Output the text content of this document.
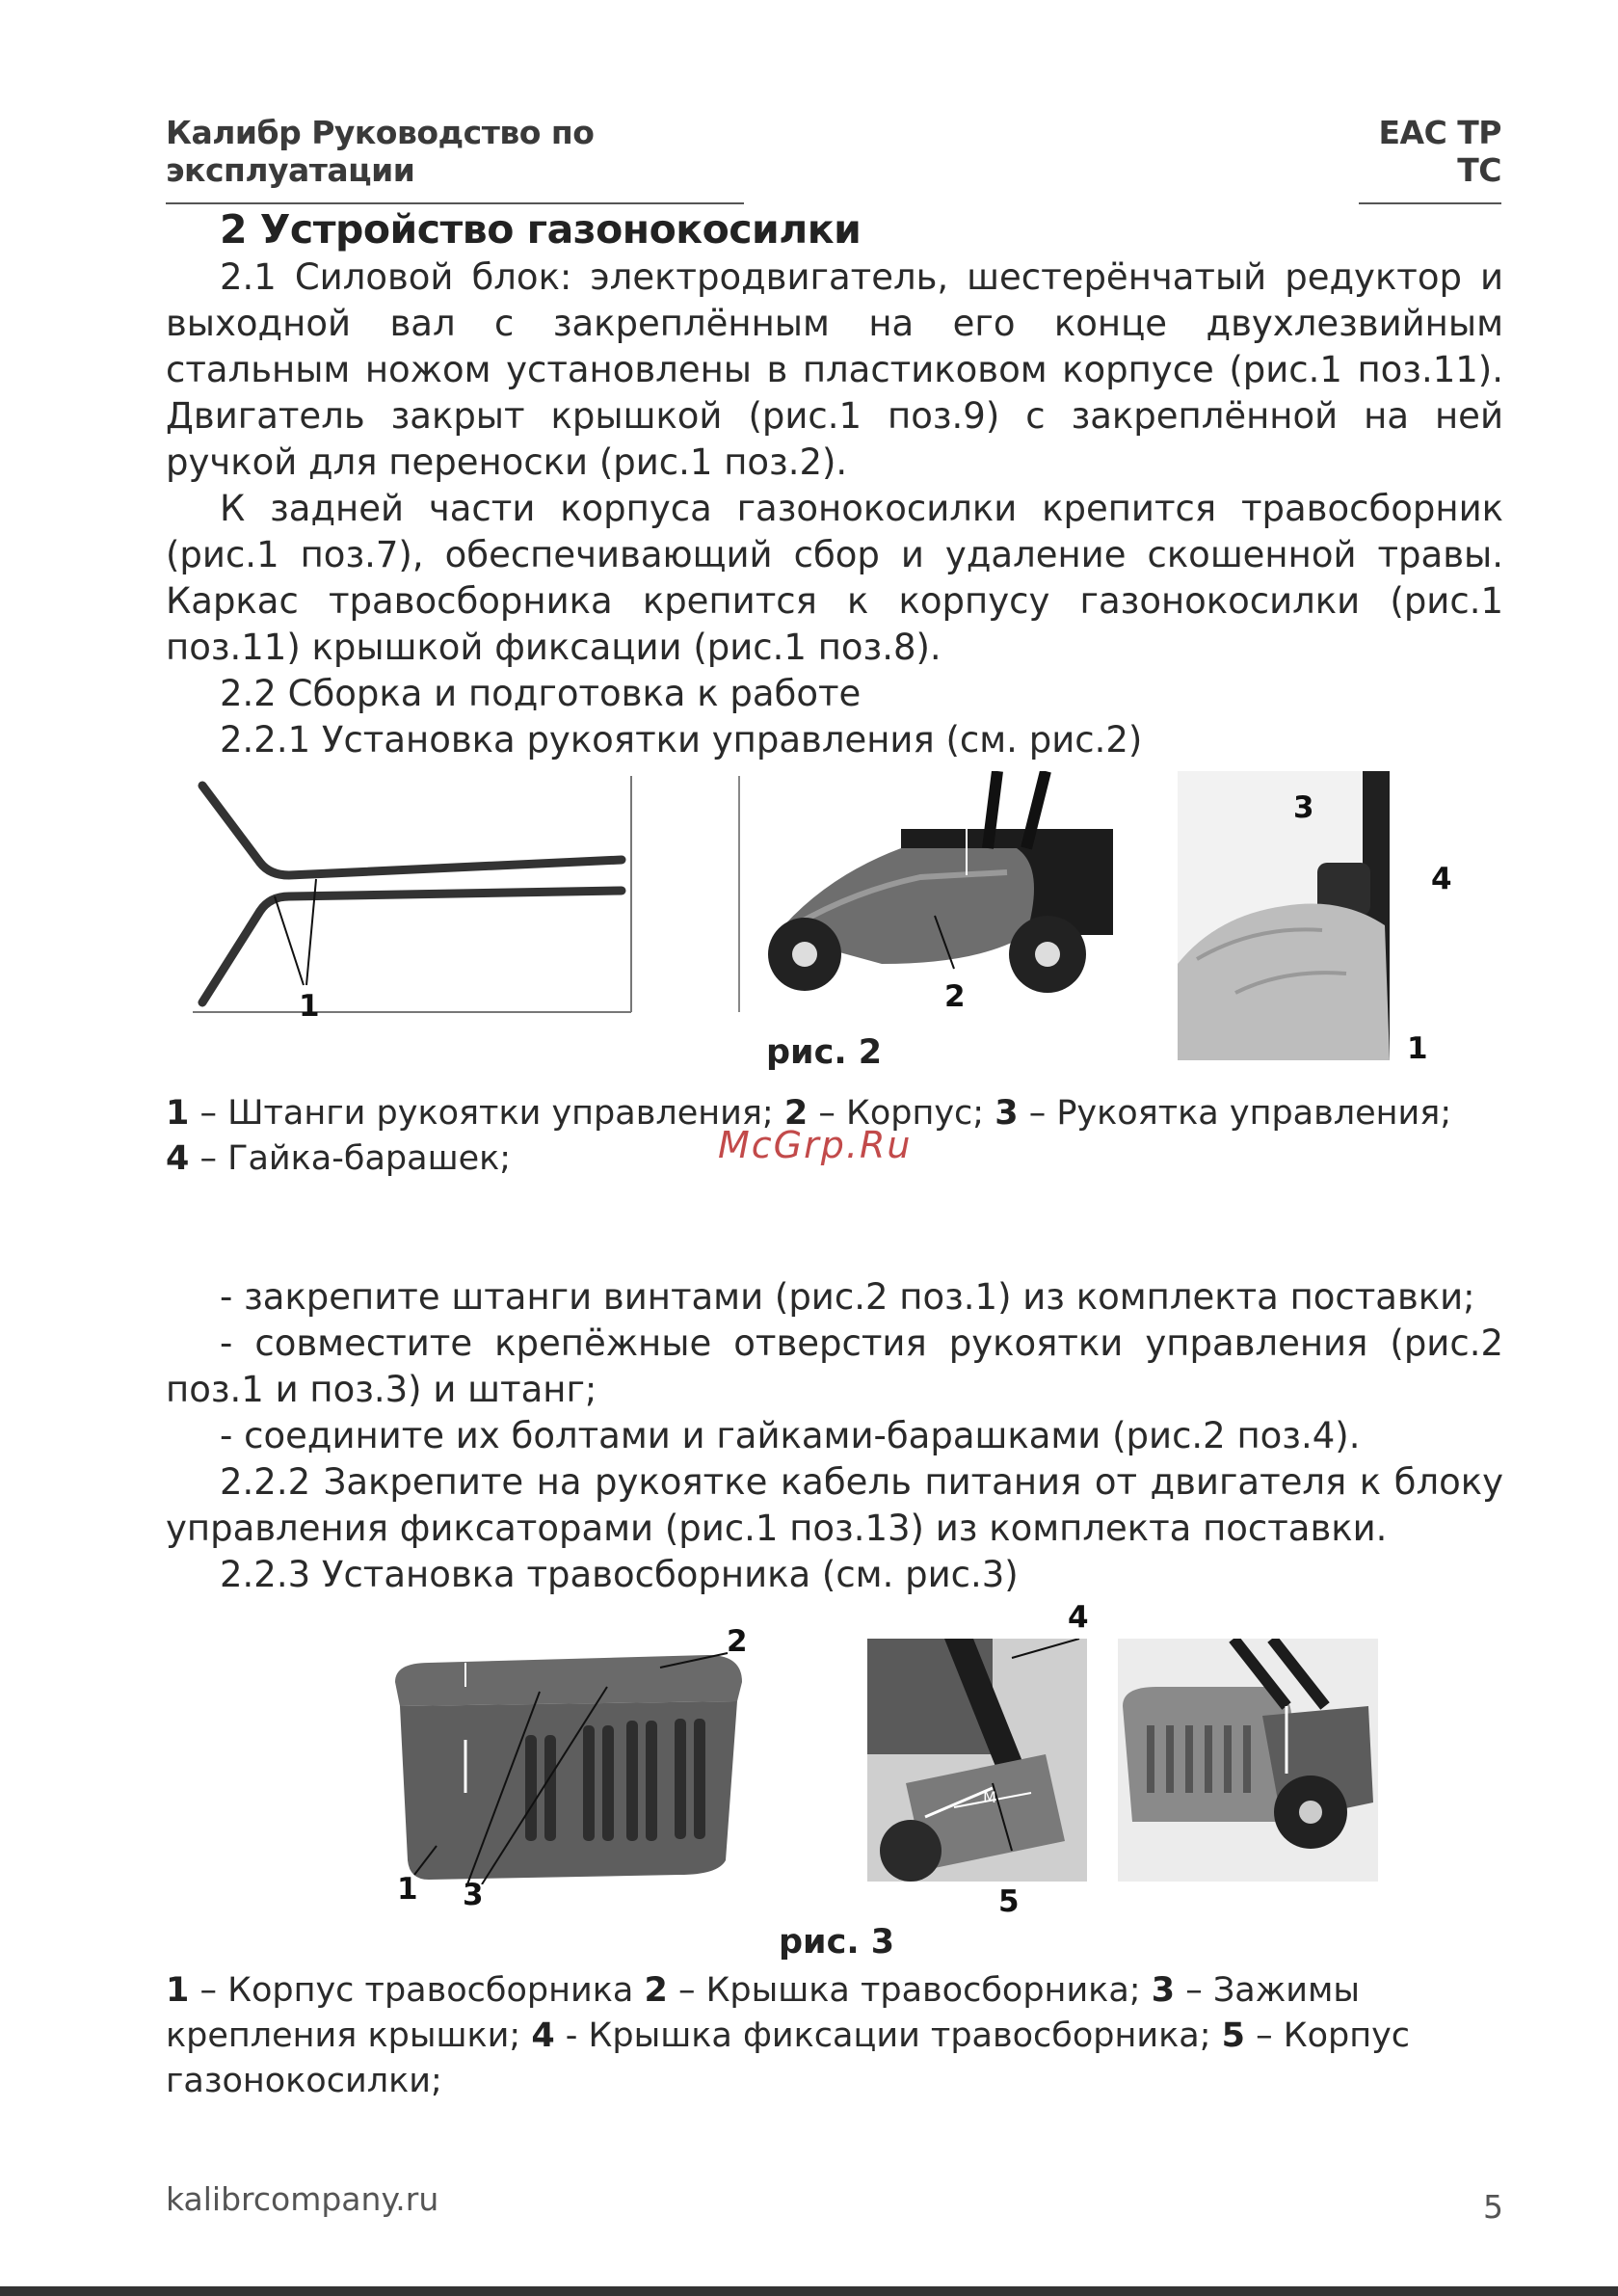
Калибр Руководство по эксплуатации
ЕАС ТР ТС
2 Устройство газонокосилки

2.1 Силовой блок: электродвигатель, шестерёнчатый редуктор и выходной вал с закреплённым на его конце двухлезвийным стальным ножом установлены в пластиковом корпусе (рис.1 поз.11). Двигатель закрыт крышкой (рис.1 поз.9) с закреплённой на ней ручкой для переноски (рис.1 поз.2).

К задней части корпуса газонокосилки крепится травосборник (рис.1 поз.7), обеспечивающий сбор и удаление скошенной травы. Каркас травосборника крепится к корпусу газонокосилки (рис.1 поз.11) крышкой фиксации (рис.1 поз.8).

2.2 Сборка и подготовка к работе
2.2.1 Установка рукоятки управления (см. рис.2)
1	2
3
4
1
рис. 2
1 – Штанги рукоятки управления; 2 – Корпус; 3 – Рукоятка управления;
4 – Гайка-барашек;	McGrp.Ru
- закрепите штанги винтами (рис.2 поз.1) из комплекта поставки;

- совместите крепёжные отверстия рукоятки управления (рис.2 поз.1 и поз.3) и штанг;

- соедините их болтами и гайками-барашками (рис.2 поз.4).

2.2.2 Закрепите на рукоятке кабель питания от двигателя к блоку управления фиксаторами (рис.1 поз.13) из комплекта поставки.

2.2.3 Установка травосборника (см. рис.3)
2
1 3
M
4
5
рис. 3
1 – Корпус травосборника 2 – Крышка травосборника; 3 – Зажимы крепления крышки; 4 - Крышка фиксации травосборника; 5 – Корпус газонокосилки;
kalibrcompany.ru	5
